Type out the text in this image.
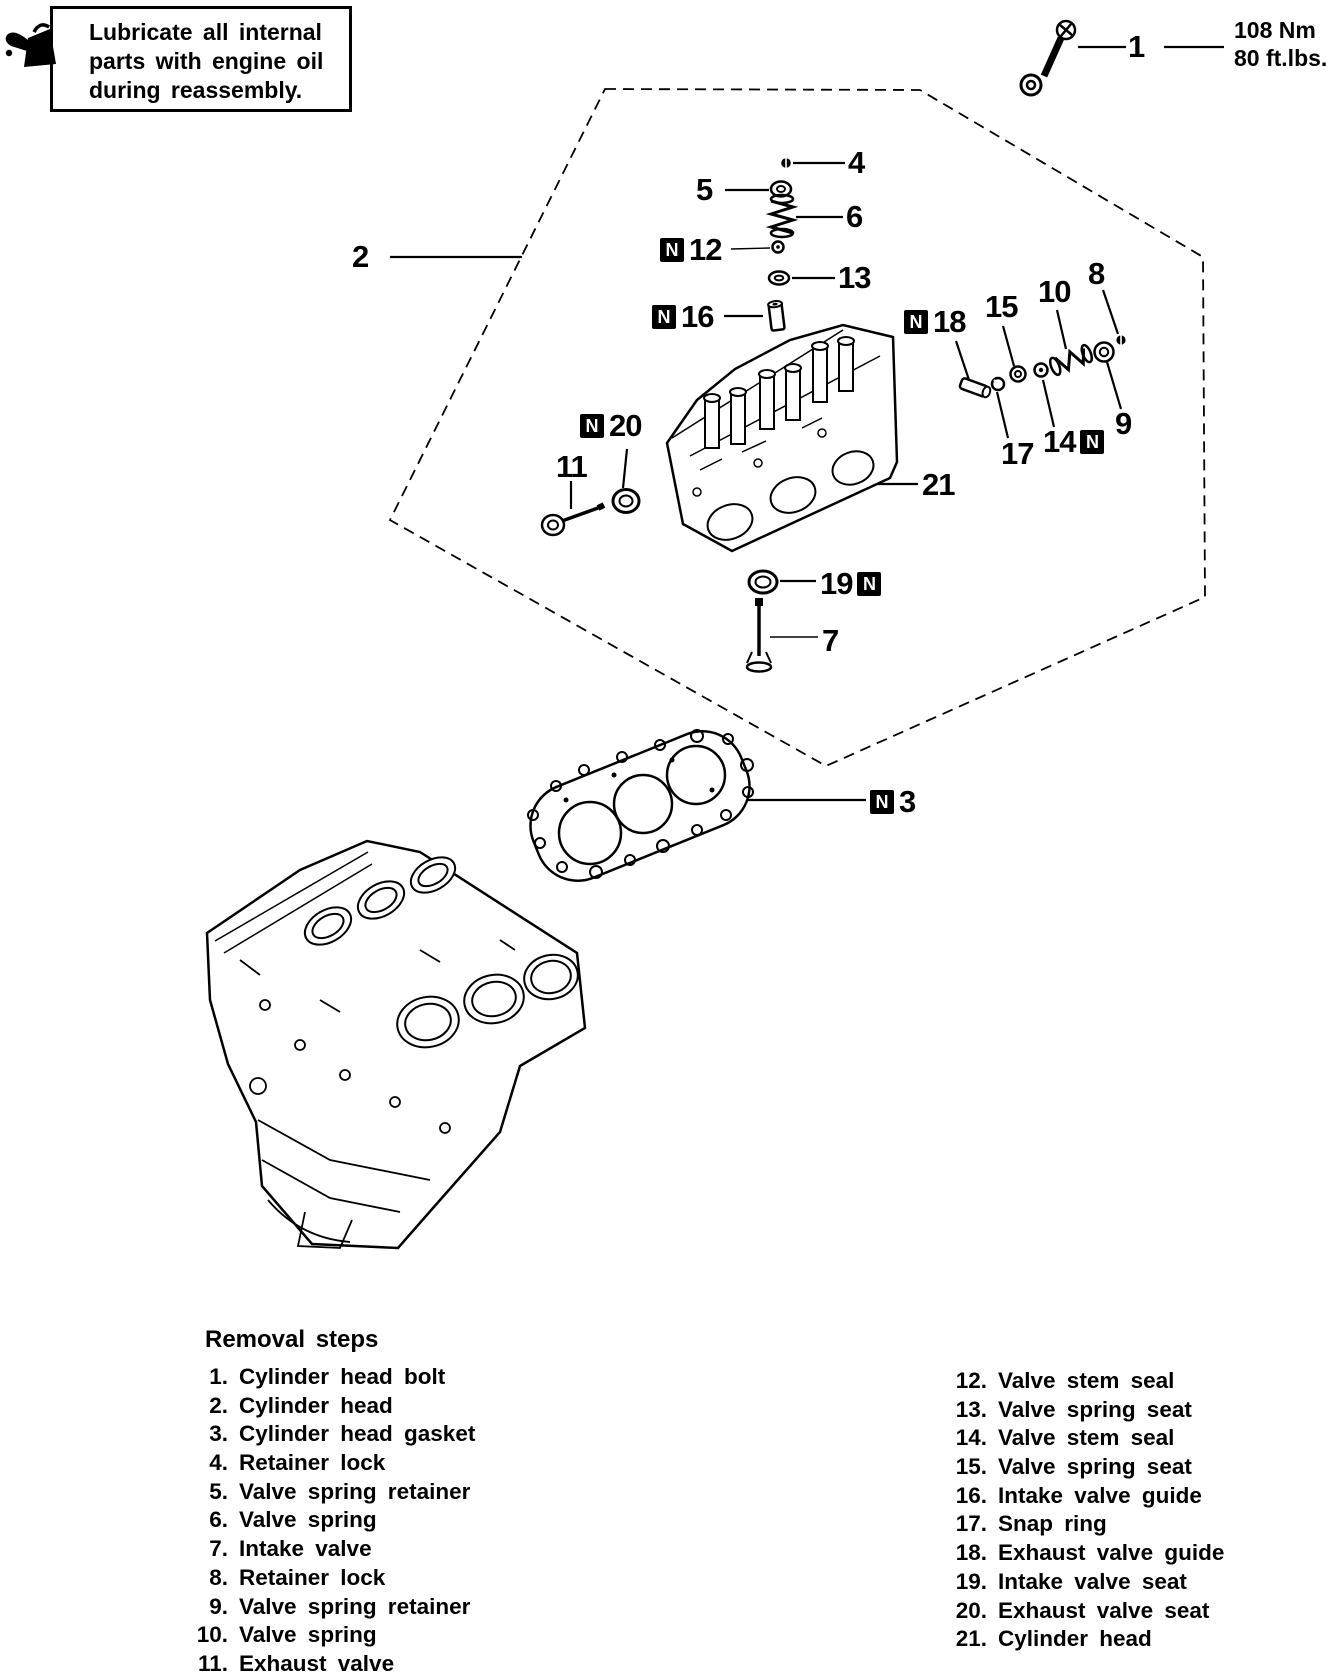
Lubricate all internal
parts with engine oil
during reassembly.
108 Nm
80 ft.lbs.
1
2
4
5
6
N 12
13
N 16	N 18 15 10
8
9
14 N
17
N 20
11
21
19 N
7
N 3
Removal steps
1. Cylinder head bolt
2. Cylinder head
3. Cylinder head gasket
4. Retainer lock
5. Valve spring retainer
6. Valve spring
7. Intake valve
8. Retainer lock
9. Valve spring retainer
10. Valve spring
11. Exhaust valve
12. Valve stem seal
13. Valve spring seat
14. Valve stem seal
15. Valve spring seat
16. Intake valve guide
17. Snap ring
18. Exhaust valve guide
19. Intake valve seat
20. Exhaust valve seat
21. Cylinder head
